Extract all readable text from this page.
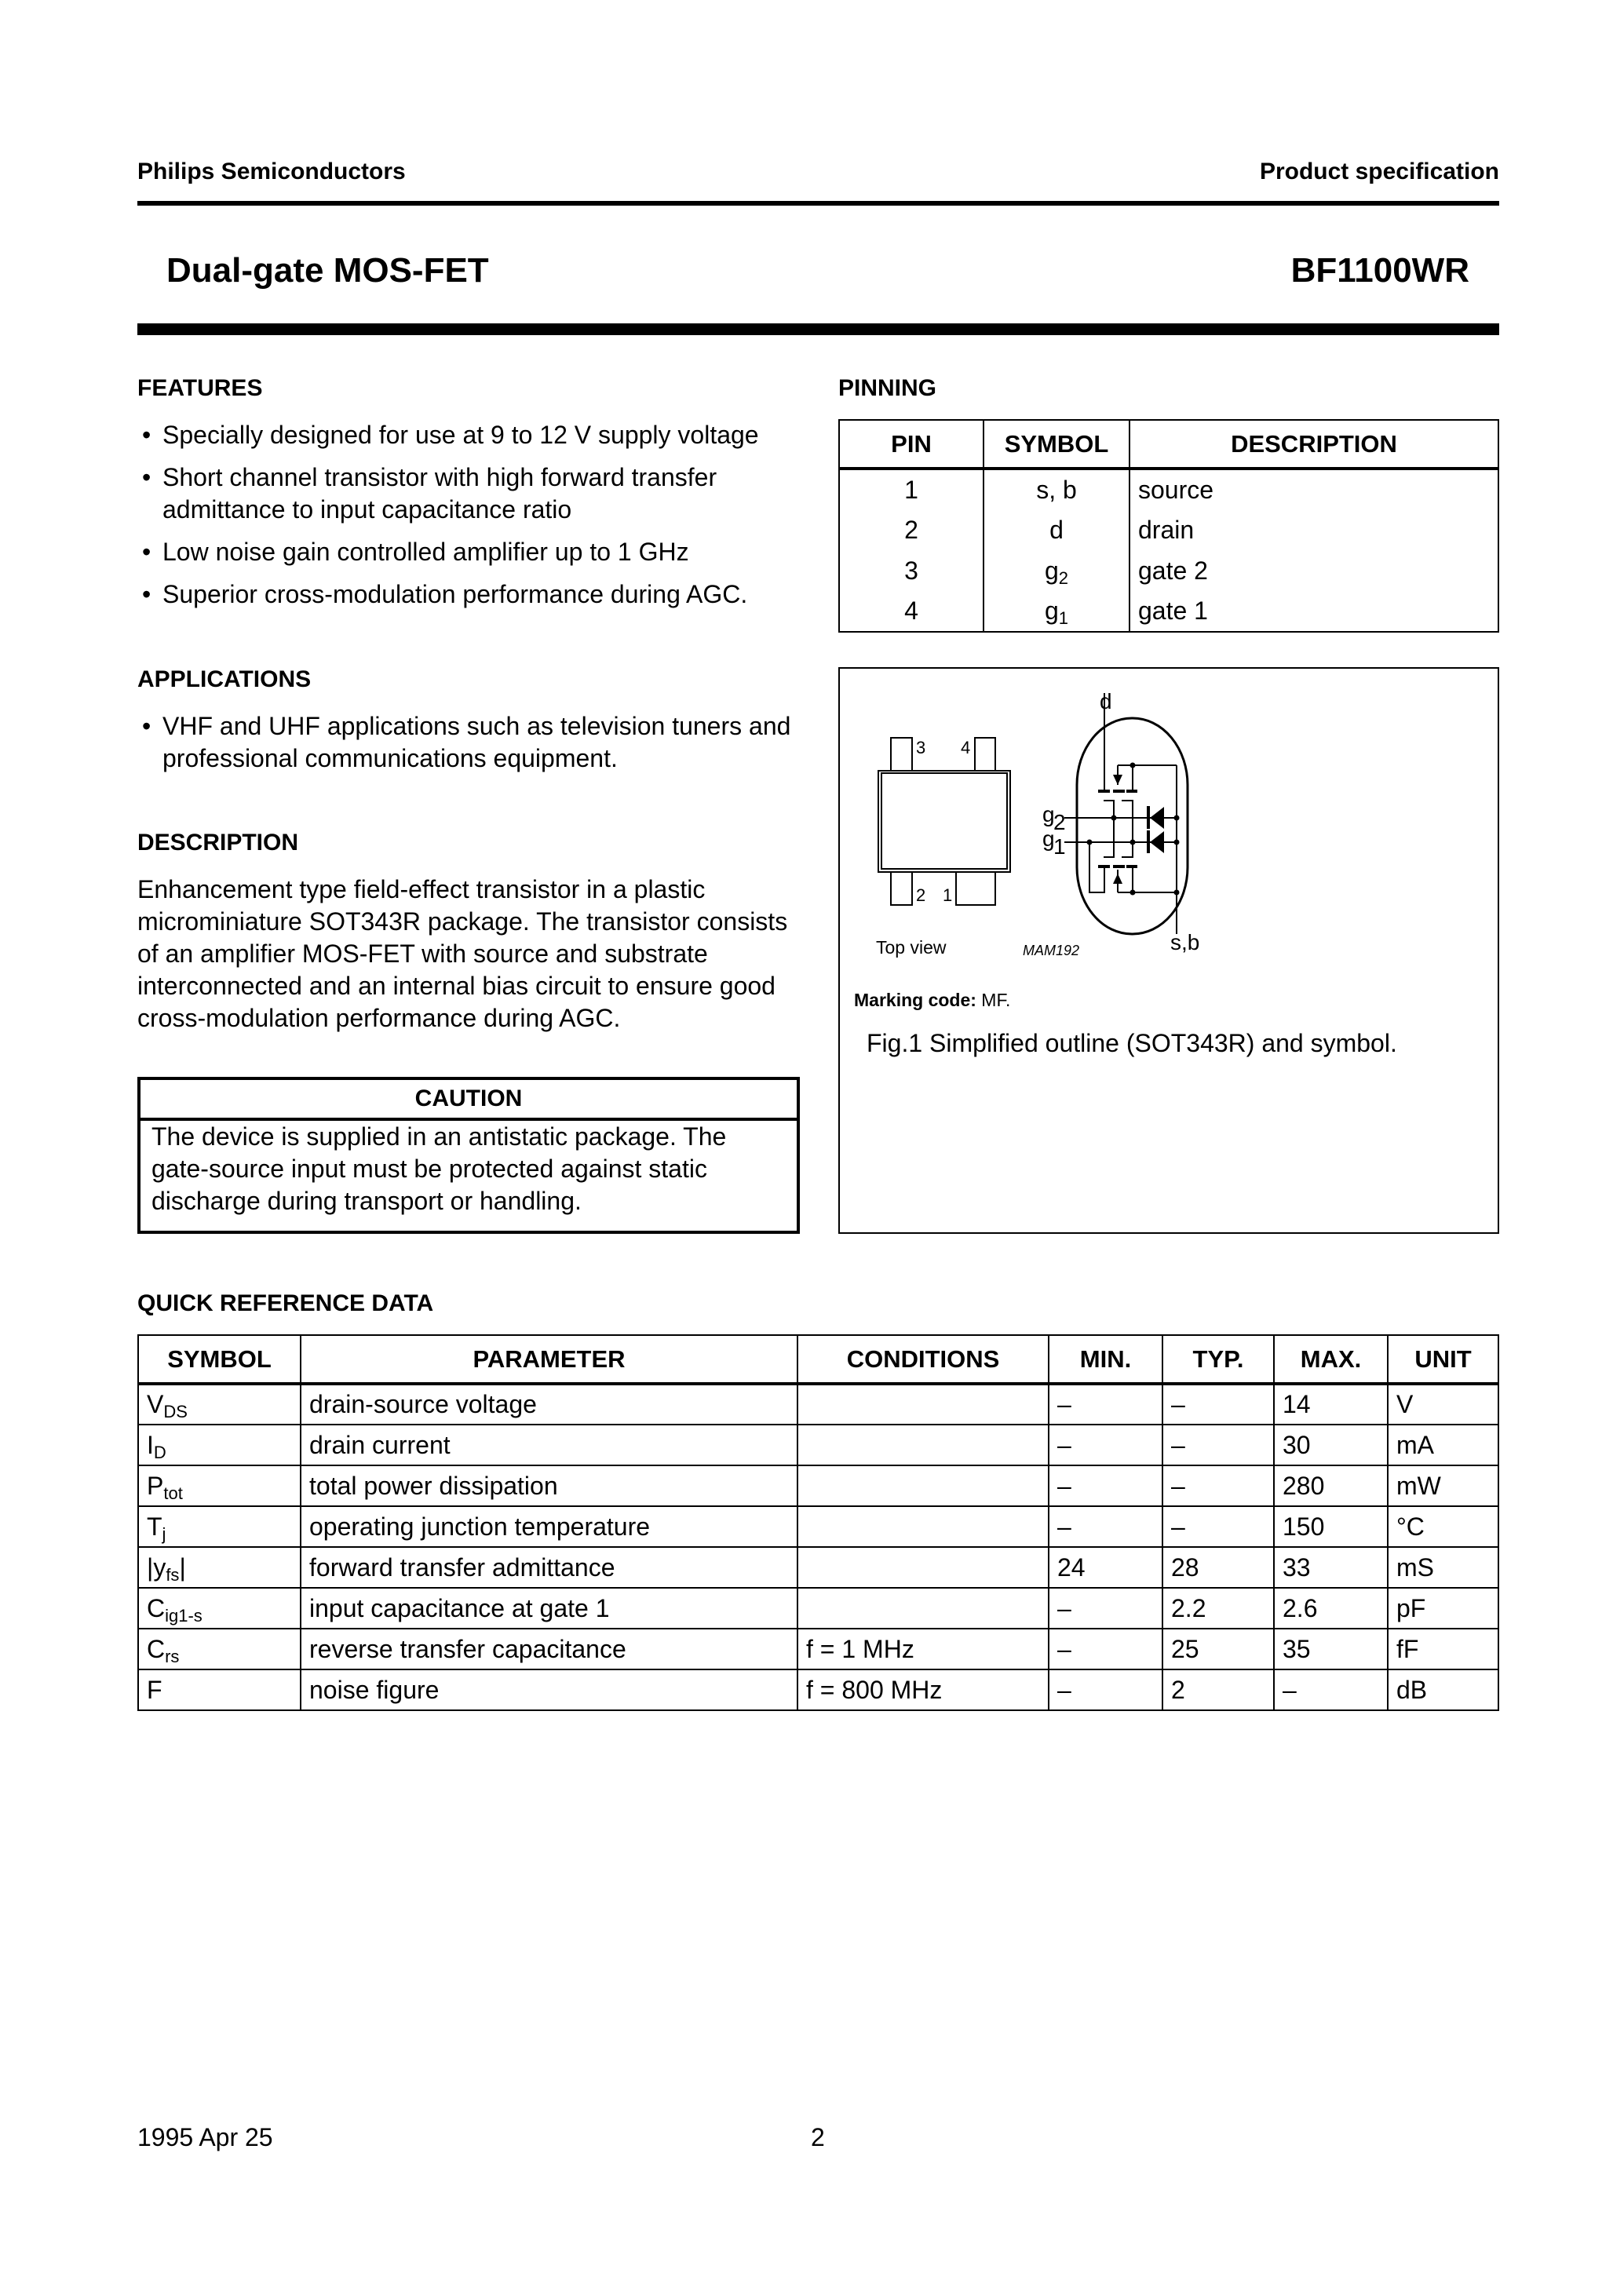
Philips Semiconductors	Product specification
Dual-gate MOS-FET	BF1100WR
FEATURES
• Specially designed for use at 9 to 12 V supply voltage
• Short channel transistor with high forward transfer admittance to input capacitance ratio
• Low noise gain controlled amplifier up to 1 GHz
• Superior cross-modulation performance during AGC.
APPLICATIONS
• VHF and UHF applications such as television tuners and professional communications equipment.
DESCRIPTION
Enhancement type field-effect transistor in a plastic microminiature SOT343R package. The transistor consists of an amplifier MOS-FET with source and substrate interconnected and an internal bias circuit to ensure good cross-modulation performance during AGC.
CAUTION
The device is supplied in an antistatic package. The gate-source input must be protected against static discharge during transport or handling.
PINNING
PIN	SYMBOL	DESCRIPTION
1	s, b	source
2	d	drain
3	$g_2$	gate 2
4	$g_1$	gate 1
3 4
2 1
Top view	MAM192
d
s,b
g
2
g
1
Marking code: MF.
Fig.1 Simplified outline (SOT343R) and symbol.
QUICK REFERENCE DATA
SYMBOL	PARAMETER	CONDITIONS	MIN.	TYP.	MAX.	UNIT
$V_{DS}$	drain-source voltage		–	–	14	V
$I_D$	drain current		–	–	30	mA
$P_{tot}$	total power dissipation		–	–	280	mW
$T_j$	operating junction temperature		–	–	150	°C
$|y_{fs}|$	forward transfer admittance		24	28	33	mS
$C_{ig1-s}$	input capacitance at gate 1		–	2.2	2.6	pF
$C_{rs}$	reverse transfer capacitance	f = 1 MHz	–	25	35	fF
F	noise figure	f = 800 MHz	–	2	–	dB
1995 Apr 25	2
